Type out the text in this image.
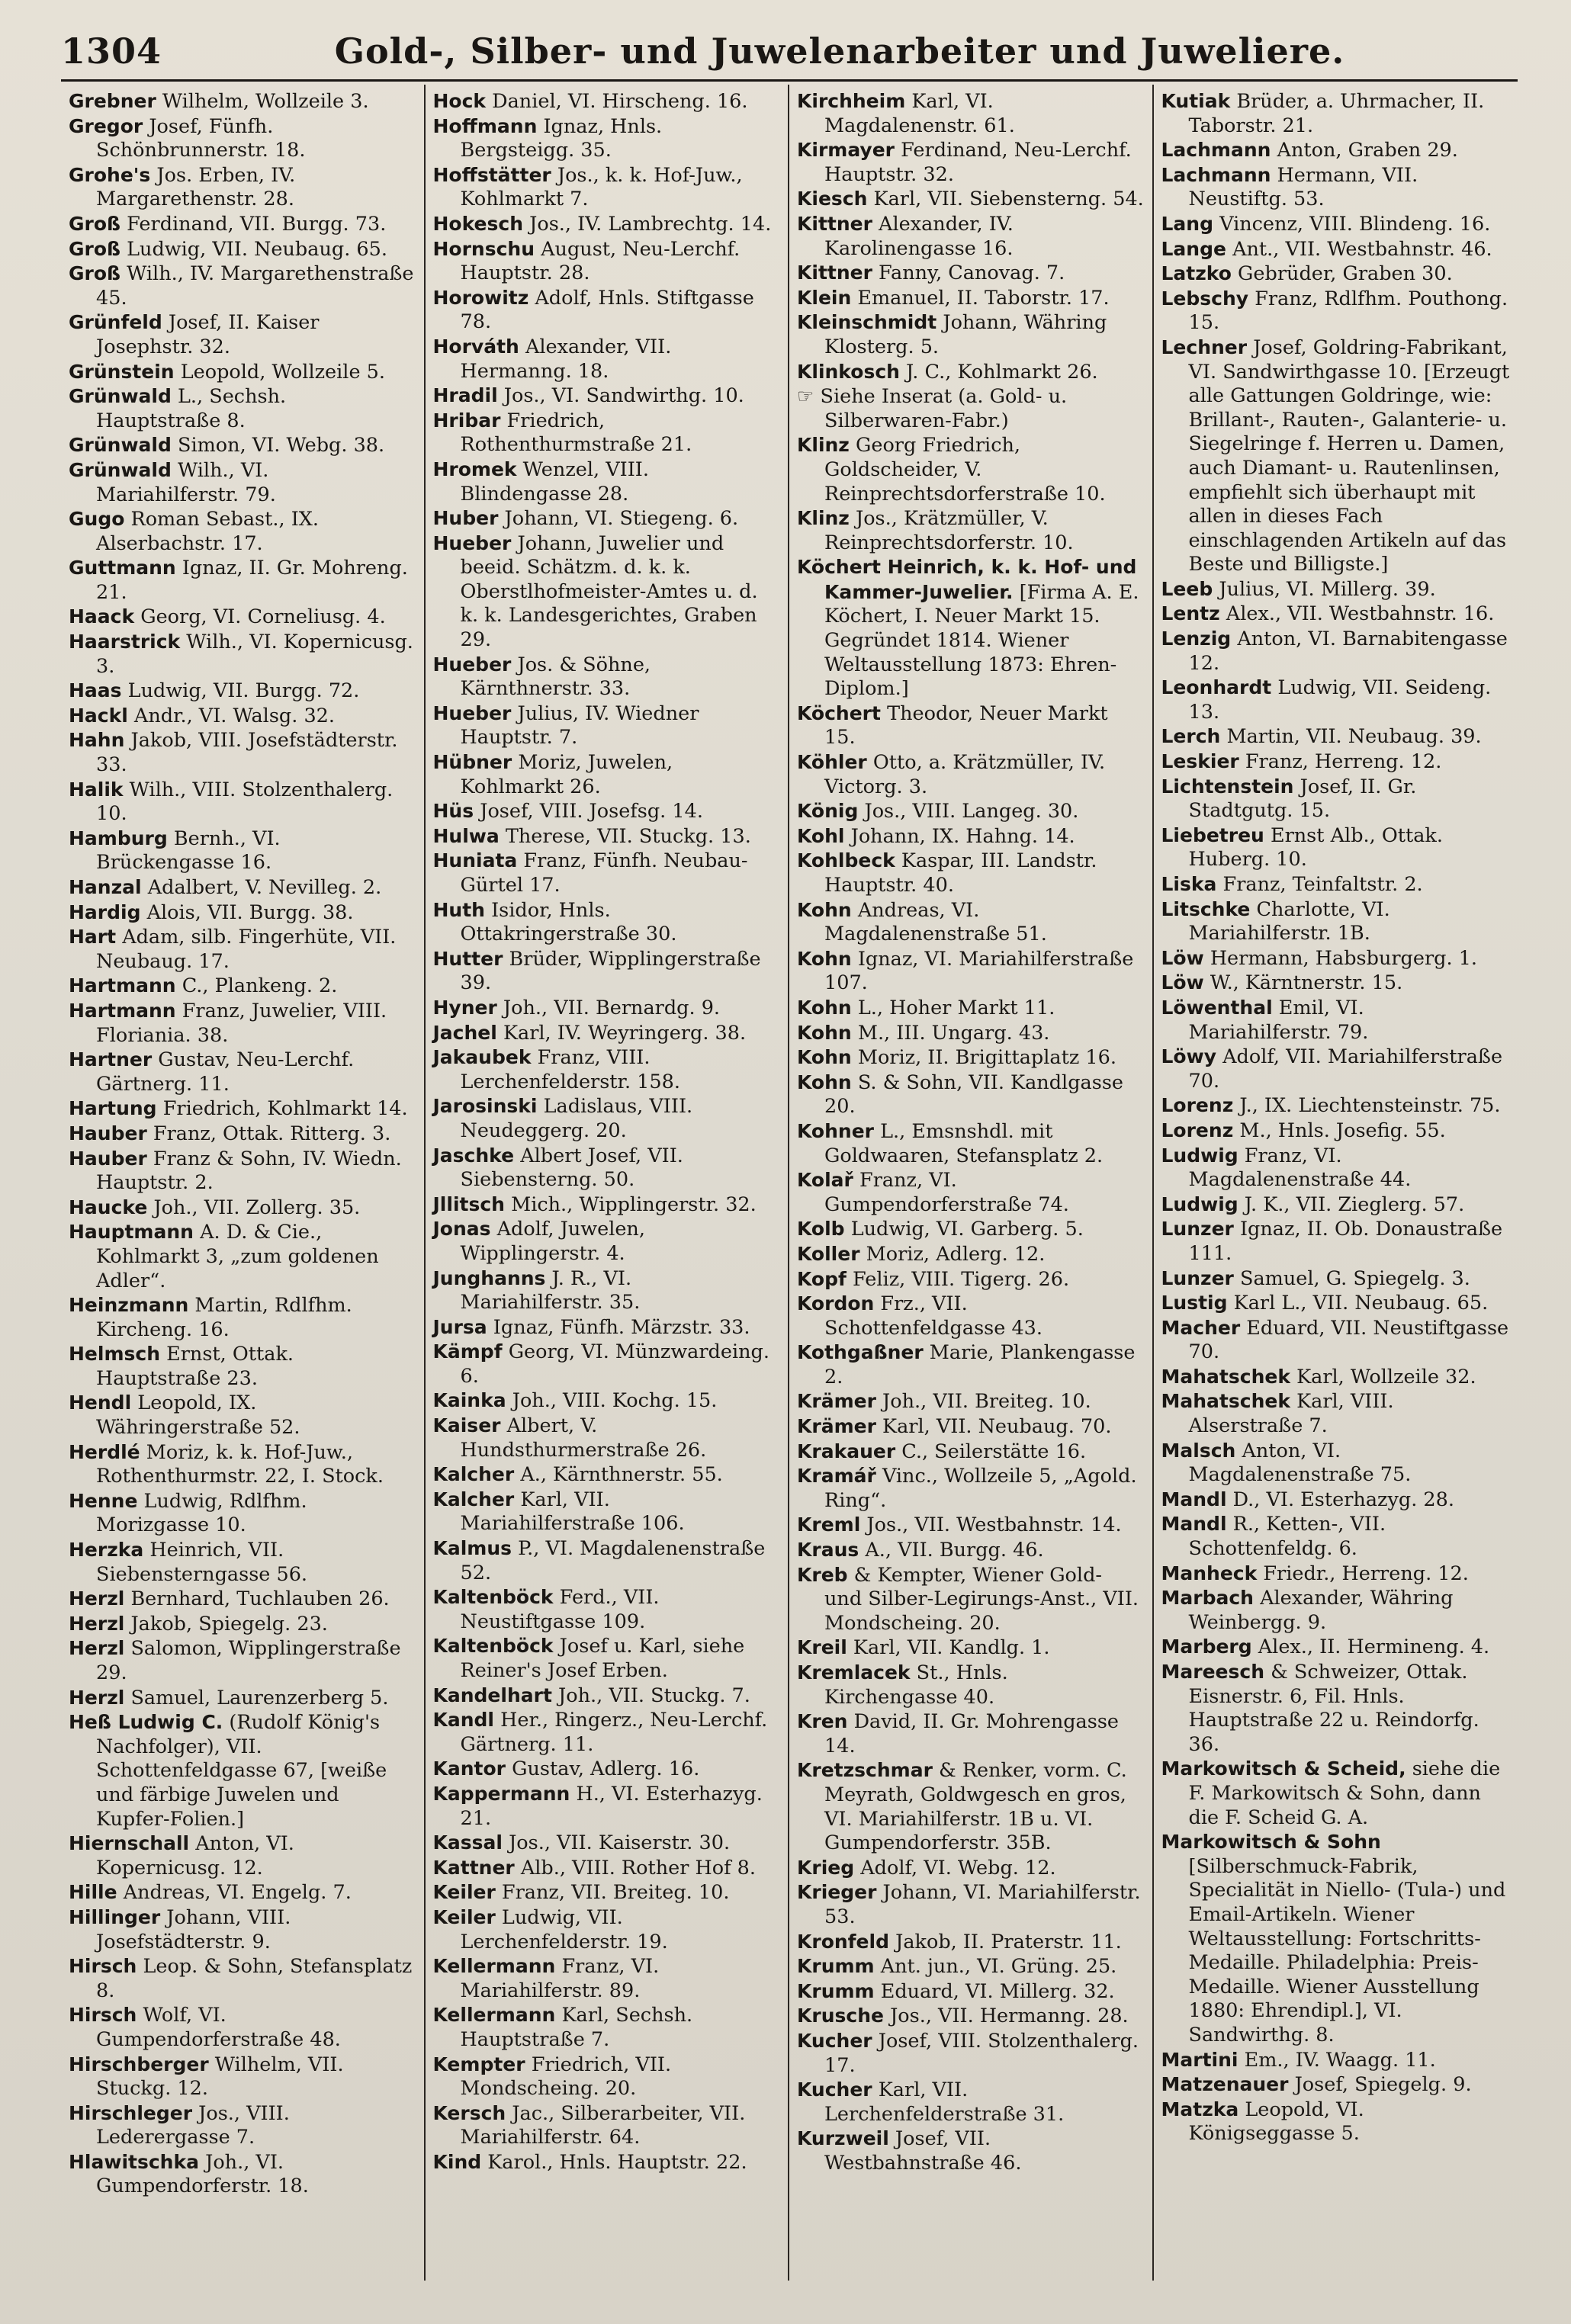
1304	Gold-, Silber- und Juwelenarbeiter und Juweliere.

Grebner Wilhelm, Wollzeile 3.

Gregor Josef, Fünfh. Schönbrunnerstr. 18.

Grohe's Jos. Erben, IV. Margarethenstr. 28.

Groß Ferdinand, VII. Burgg. 73.

Groß Ludwig, VII. Neubaug. 65.

Groß Wilh., IV. Margarethenstraße 45.

Grünfeld Josef, II. Kaiser Josephstr. 32.

Grünstein Leopold, Wollzeile 5.

Grünwald L., Sechsh. Hauptstraße 8.

Grünwald Simon, VI. Webg. 38.

Grünwald Wilh., VI. Mariahilferstr. 79.

Gugo Roman Sebast., IX. Alserbachstr. 17.

Guttmann Ignaz, II. Gr. Mohreng. 21.

Haack Georg, VI. Corneliusg. 4.

Haarstrick Wilh., VI. Kopernicusg. 3.

Haas Ludwig, VII. Burgg. 72.

Hackl Andr., VI. Walsg. 32.

Hahn Jakob, VIII. Josefstädterstr. 33.

Halik Wilh., VIII. Stolzenthalerg. 10.

Hamburg Bernh., VI. Brückengasse 16.

Hanzal Adalbert, V. Nevilleg. 2.

Hardig Alois, VII. Burgg. 38.

Hart Adam, silb. Fingerhüte, VII. Neubaug. 17.

Hartmann C., Plankeng. 2.

Hartmann Franz, Juwelier, VIII. Floriania. 38.

Hartner Gustav, Neu-Lerchf. Gärtnerg. 11.

Hartung Friedrich, Kohlmarkt 14.

Hauber Franz, Ottak. Ritterg. 3.

Hauber Franz & Sohn, IV. Wiedn. Hauptstr. 2.

Haucke Joh., VII. Zollerg. 35.

Hauptmann A. D. & Cie., Kohlmarkt 3, „zum goldenen Adler“.

Heinzmann Martin, Rdlfhm. Kircheng. 16.

Helmsch Ernst, Ottak. Hauptstraße 23.

Hendl Leopold, IX. Währingerstraße 52.

Herdlé Moriz, k. k. Hof-Juw., Rothenthurmstr. 22, I. Stock.

Henne Ludwig, Rdlfhm. Morizgasse 10.

Herzka Heinrich, VII. Siebensterngasse 56.

Herzl Bernhard, Tuchlauben 26.

Herzl Jakob, Spiegelg. 23.

Herzl Salomon, Wipplingerstraße 29.

Herzl Samuel, Laurenzerberg 5.

Heß Ludwig C. (Rudolf König's Nachfolger), VII. Schottenfeldgasse 67, [weiße und färbige Juwelen und Kupfer-Folien.]

Hiernschall Anton, VI. Kopernicusg. 12.

Hille Andreas, VI. Engelg. 7.

Hillinger Johann, VIII. Josefstädterstr. 9.

Hirsch Leop. & Sohn, Stefansplatz 8.

Hirsch Wolf, VI. Gumpendorferstraße 48.

Hirschberger Wilhelm, VII. Stuckg. 12.

Hirschleger Jos., VIII. Lederergasse 7.

Hlawitschka Joh., VI. Gumpendorferstr. 18.

Hock Daniel, VI. Hirscheng. 16.

Hoffmann Ignaz, Hnls. Bergsteigg. 35.

Hoffstätter Jos., k. k. Hof-Juw., Kohlmarkt 7.

Hokesch Jos., IV. Lambrechtg. 14.

Hornschu August, Neu-Lerchf. Hauptstr. 28.

Horowitz Adolf, Hnls. Stiftgasse 78.

Horváth Alexander, VII. Hermanng. 18.

Hradil Jos., VI. Sandwirthg. 10.

Hribar Friedrich, Rothenthurmstraße 21.

Hromek Wenzel, VIII. Blindengasse 28.

Huber Johann, VI. Stiegeng. 6.

Hueber Johann, Juwelier und beeid. Schätzm. d. k. k. Oberstlhofmeister-Amtes u. d. k. k. Landesgerichtes, Graben 29.

Hueber Jos. & Söhne, Kärnthnerstr. 33.

Hueber Julius, IV. Wiedner Hauptstr. 7.

Hübner Moriz, Juwelen, Kohlmarkt 26.

Hüs Josef, VIII. Josefsg. 14.

Hulwa Therese, VII. Stuckg. 13.

Huniata Franz, Fünfh. Neubau-Gürtel 17.

Huth Isidor, Hnls. Ottakringerstraße 30.

Hutter Brüder, Wipplingerstraße 39.

Hyner Joh., VII. Bernardg. 9.

Jachel Karl, IV. Weyringerg. 38.

Jakaubek Franz, VIII. Lerchenfelderstr. 158.

Jarosinski Ladislaus, VIII. Neudeggerg. 20.

Jaschke Albert Josef, VII. Siebensterng. 50.

Jllitsch Mich., Wipplingerstr. 32.

Jonas Adolf, Juwelen, Wipplingerstr. 4.

Junghanns J. R., VI. Mariahilferstr. 35.

Jursa Ignaz, Fünfh. Märzstr. 33.

Kämpf Georg, VI. Münzwardeing. 6.

Kainka Joh., VIII. Kochg. 15.

Kaiser Albert, V. Hundsthurmerstraße 26.

Kalcher A., Kärnthnerstr. 55.

Kalcher Karl, VII. Mariahilferstraße 106.

Kalmus P., VI. Magdalenenstraße 52.

Kaltenböck Ferd., VII. Neustiftgasse 109.

Kaltenböck Josef u. Karl, siehe Reiner's Josef Erben.

Kandelhart Joh., VII. Stuckg. 7.

Kandl Her., Ringerz., Neu-Lerchf. Gärtnerg. 11.

Kantor Gustav, Adlerg. 16.

Kappermann H., VI. Esterhazyg. 21.

Kassal Jos., VII. Kaiserstr. 30.

Kattner Alb., VIII. Rother Hof 8.

Keiler Franz, VII. Breiteg. 10.

Keiler Ludwig, VII. Lerchenfelderstr. 19.

Kellermann Franz, VI. Mariahilferstr. 89.

Kellermann Karl, Sechsh. Hauptstraße 7.

Kempter Friedrich, VII. Mondscheing. 20.

Kersch Jac., Silberarbeiter, VII. Mariahilferstr. 64.

Kind Karol., Hnls. Hauptstr. 22.

Kirchheim Karl, VI. Magdalenenstr. 61.

Kirmayer Ferdinand, Neu-Lerchf. Hauptstr. 32.

Kiesch Karl, VII. Siebensterng. 54.

Kittner Alexander, IV. Karolinengasse 16.

Kittner Fanny, Canovag. 7.

Klein Emanuel, II. Taborstr. 17.

Kleinschmidt Johann, Währing Klosterg. 5.

Klinkosch J. C., Kohlmarkt 26.

☞ Siehe Inserat (a. Gold- u. Silberwaren-Fabr.)

Klinz Georg Friedrich, Goldscheider, V. Reinprechtsdorferstraße 10.

Klinz Jos., Krätzmüller, V. Reinprechtsdorferstr. 10.

Köchert Heinrich, k. k. Hof- und Kammer-Juwelier. [Firma A. E. Köchert, I. Neuer Markt 15. Gegründet 1814. Wiener Weltausstellung 1873: Ehren-Diplom.]

Köchert Theodor, Neuer Markt 15.

Köhler Otto, a. Krätzmüller, IV. Victorg. 3.

König Jos., VIII. Langeg. 30.

Kohl Johann, IX. Hahng. 14.

Kohlbeck Kaspar, III. Landstr. Hauptstr. 40.

Kohn Andreas, VI. Magdalenenstraße 51.

Kohn Ignaz, VI. Mariahilferstraße 107.

Kohn L., Hoher Markt 11.

Kohn M., III. Ungarg. 43.

Kohn Moriz, II. Brigittaplatz 16.

Kohn S. & Sohn, VII. Kandlgasse 20.

Kohner L., Emsnshdl. mit Goldwaaren, Stefansplatz 2.

Kolař Franz, VI. Gumpendorferstraße 74.

Kolb Ludwig, VI. Garberg. 5.

Koller Moriz, Adlerg. 12.

Kopf Feliz, VIII. Tigerg. 26.

Kordon Frz., VII. Schottenfeldgasse 43.

Kothgaßner Marie, Plankengasse 2.

Krämer Joh., VII. Breiteg. 10.

Krämer Karl, VII. Neubaug. 70.

Krakauer C., Seilerstätte 16.

Kramář Vinc., Wollzeile 5, „Agold. Ring“.

Kreml Jos., VII. Westbahnstr. 14.

Kraus A., VII. Burgg. 46.

Kreb & Kempter, Wiener Gold- und Silber-Legirungs-Anst., VII. Mondscheing. 20.

Kreil Karl, VII. Kandlg. 1.

Kremlacek St., Hnls. Kirchengasse 40.

Kren David, II. Gr. Mohrengasse 14.

Kretzschmar & Renker, vorm. C. Meyrath, Goldwgesch en gros, VI. Mariahilferstr. 1B u. VI. Gumpendorferstr. 35B.

Krieg Adolf, VI. Webg. 12.

Krieger Johann, VI. Mariahilferstr. 53.

Kronfeld Jakob, II. Praterstr. 11.

Krumm Ant. jun., VI. Grüng. 25.

Krumm Eduard, VI. Millerg. 32.

Krusche Jos., VII. Hermanng. 28.

Kucher Josef, VIII. Stolzenthalerg. 17.

Kucher Karl, VII. Lerchenfelderstraße 31.

Kurzweil Josef, VII. Westbahnstraße 46.

Kutiak Brüder, a. Uhrmacher, II. Taborstr. 21.

Lachmann Anton, Graben 29.

Lachmann Hermann, VII. Neustiftg. 53.

Lang Vincenz, VIII. Blindeng. 16.

Lange Ant., VII. Westbahnstr. 46.

Latzko Gebrüder, Graben 30.

Lebschy Franz, Rdlfhm. Pouthong. 15.

Lechner Josef, Goldring-Fabrikant, VI. Sandwirthgasse 10. [Erzeugt alle Gattungen Goldringe, wie: Brillant-, Rauten-, Galanterie- u. Siegelringe f. Herren u. Damen, auch Diamant- u. Rautenlinsen, empfiehlt sich überhaupt mit allen in dieses Fach einschlagenden Artikeln auf das Beste und Billigste.]

Leeb Julius, VI. Millerg. 39.

Lentz Alex., VII. Westbahnstr. 16.

Lenzig Anton, VI. Barnabitengasse 12.

Leonhardt Ludwig, VII. Seideng. 13.

Lerch Martin, VII. Neubaug. 39.

Leskier Franz, Herreng. 12.

Lichtenstein Josef, II. Gr. Stadtgutg. 15.

Liebetreu Ernst Alb., Ottak. Huberg. 10.

Liska Franz, Teinfaltstr. 2.

Litschke Charlotte, VI. Mariahilferstr. 1B.

Löw Hermann, Habsburgerg. 1.

Löw W., Kärntnerstr. 15.

Löwenthal Emil, VI. Mariahilferstr. 79.

Löwy Adolf, VII. Mariahilferstraße 70.

Lorenz J., IX. Liechtensteinstr. 75.

Lorenz M., Hnls. Josefig. 55.

Ludwig Franz, VI. Magdalenenstraße 44.

Ludwig J. K., VII. Zieglerg. 57.

Lunzer Ignaz, II. Ob. Donaustraße 111.

Lunzer Samuel, G. Spiegelg. 3.

Lustig Karl L., VII. Neubaug. 65.

Macher Eduard, VII. Neustiftgasse 70.

Mahatschek Karl, Wollzeile 32.

Mahatschek Karl, VIII. Alserstraße 7.

Malsch Anton, VI. Magdalenenstraße 75.

Mandl D., VI. Esterhazyg. 28.

Mandl R., Ketten-, VII. Schottenfeldg. 6.

Manheck Friedr., Herreng. 12.

Marbach Alexander, Währing Weinbergg. 9.

Marberg Alex., II. Hermineng. 4.

Mareesch & Schweizer, Ottak. Eisnerstr. 6, Fil. Hnls. Hauptstraße 22 u. Reindorfg. 36.

Markowitsch & Scheid, siehe die F. Markowitsch & Sohn, dann die F. Scheid G. A.

Markowitsch & Sohn [Silberschmuck-Fabrik, Specialität in Niello- (Tula-) und Email-Artikeln. Wiener Weltausstellung: Fortschritts-Medaille. Philadelphia: Preis-Medaille. Wiener Ausstellung 1880: Ehrendipl.], VI. Sandwirthg. 8.

Martini Em., IV. Waagg. 11.

Matzenauer Josef, Spiegelg. 9.

Matzka Leopold, VI. Königseggasse 5.
